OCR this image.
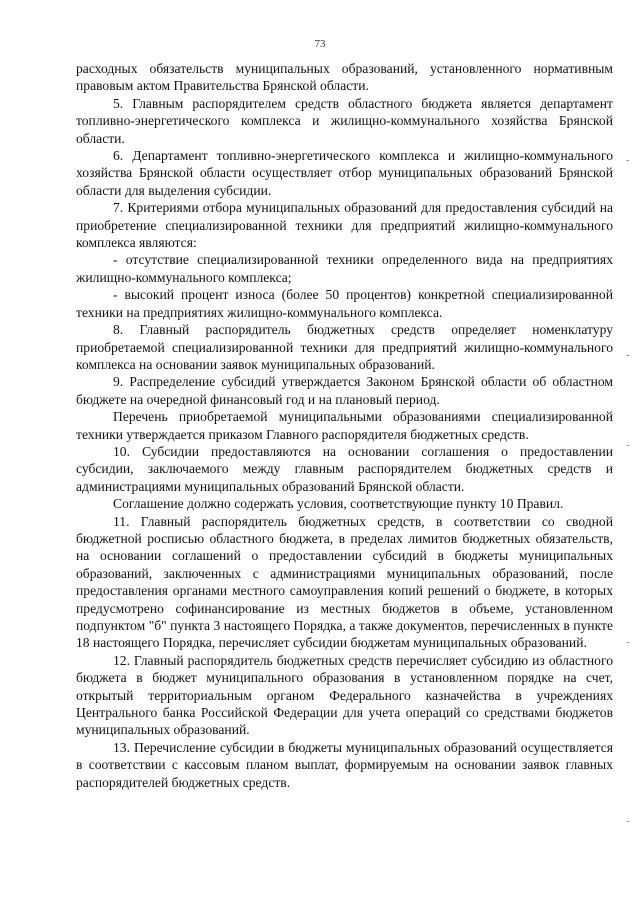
73

расходных обязательств муниципальных образований, установленного нормативным правовым актом Правительства Брянской области.

5. Главным распорядителем средств областного бюджета является департамент топливно-энергетического комплекса и жилищно-коммунального хозяйства Брянской области.

6. Департамент топливно-энергетического комплекса и жилищно-коммунального хозяйства Брянской области осуществляет отбор муниципальных образований Брянской области для выделения субсидии.

7. Критериями отбора муниципальных образований для предоставления субсидий на приобретение специализированной техники для предприятий жилищно-коммунального комплекса являются:

- отсутствие специализированной техники определенного вида на предприятиях жилищно-коммунального комплекса;

- высокий процент износа (более 50 процентов) конкретной специализированной техники на предприятиях жилищно-коммунального комплекса.

8. Главный распорядитель бюджетных средств определяет номенклатуру приобретаемой специализированной техники для предприятий жилищно-коммунального комплекса на основании заявок муниципальных образований.

9. Распределение субсидий утверждается Законом Брянской области об областном бюджете на очередной финансовый год и на плановый период.

Перечень приобретаемой муниципальными образованиями специализированной техники утверждается приказом Главного распорядителя бюджетных средств.

10. Субсидии предоставляются на основании соглашения о предоставлении субсидии, заключаемого между главным распорядителем бюджетных средств и администрациями муниципальных образований Брянской области.

Соглашение должно содержать условия, соответствующие пункту 10 Правил.

11. Главный распорядитель бюджетных средств, в соответствии со сводной бюджетной росписью областного бюджета, в пределах лимитов бюджетных обязательств, на основании соглашений о предоставлении субсидий в бюджеты муниципальных образований, заключенных с администрациями муниципальных образований, после предоставления органами местного самоуправления копий решений о бюджете, в которых предусмотрено софинансирование из местных бюджетов в объеме, установленном подпунктом "б" пункта 3 настоящего Порядка, а также документов, перечисленных в пункте 18 настоящего Порядка, перечисляет субсидии бюджетам муниципальных образований.

12. Главный распорядитель бюджетных средств перечисляет субсидию из областного бюджета в бюджет муниципального образования в установленном порядке на счет, открытый территориальным органом Федерального казначейства в учреждениях Центрального банка Российской Федерации для учета операций со средствами бюджетов муниципальных образований.

13. Перечисление субсидии в бюджеты муниципальных образований осуществляется в соответствии с кассовым планом выплат, формируемым на основании заявок главных распорядителей бюджетных средств.

-
-
-
-
-
